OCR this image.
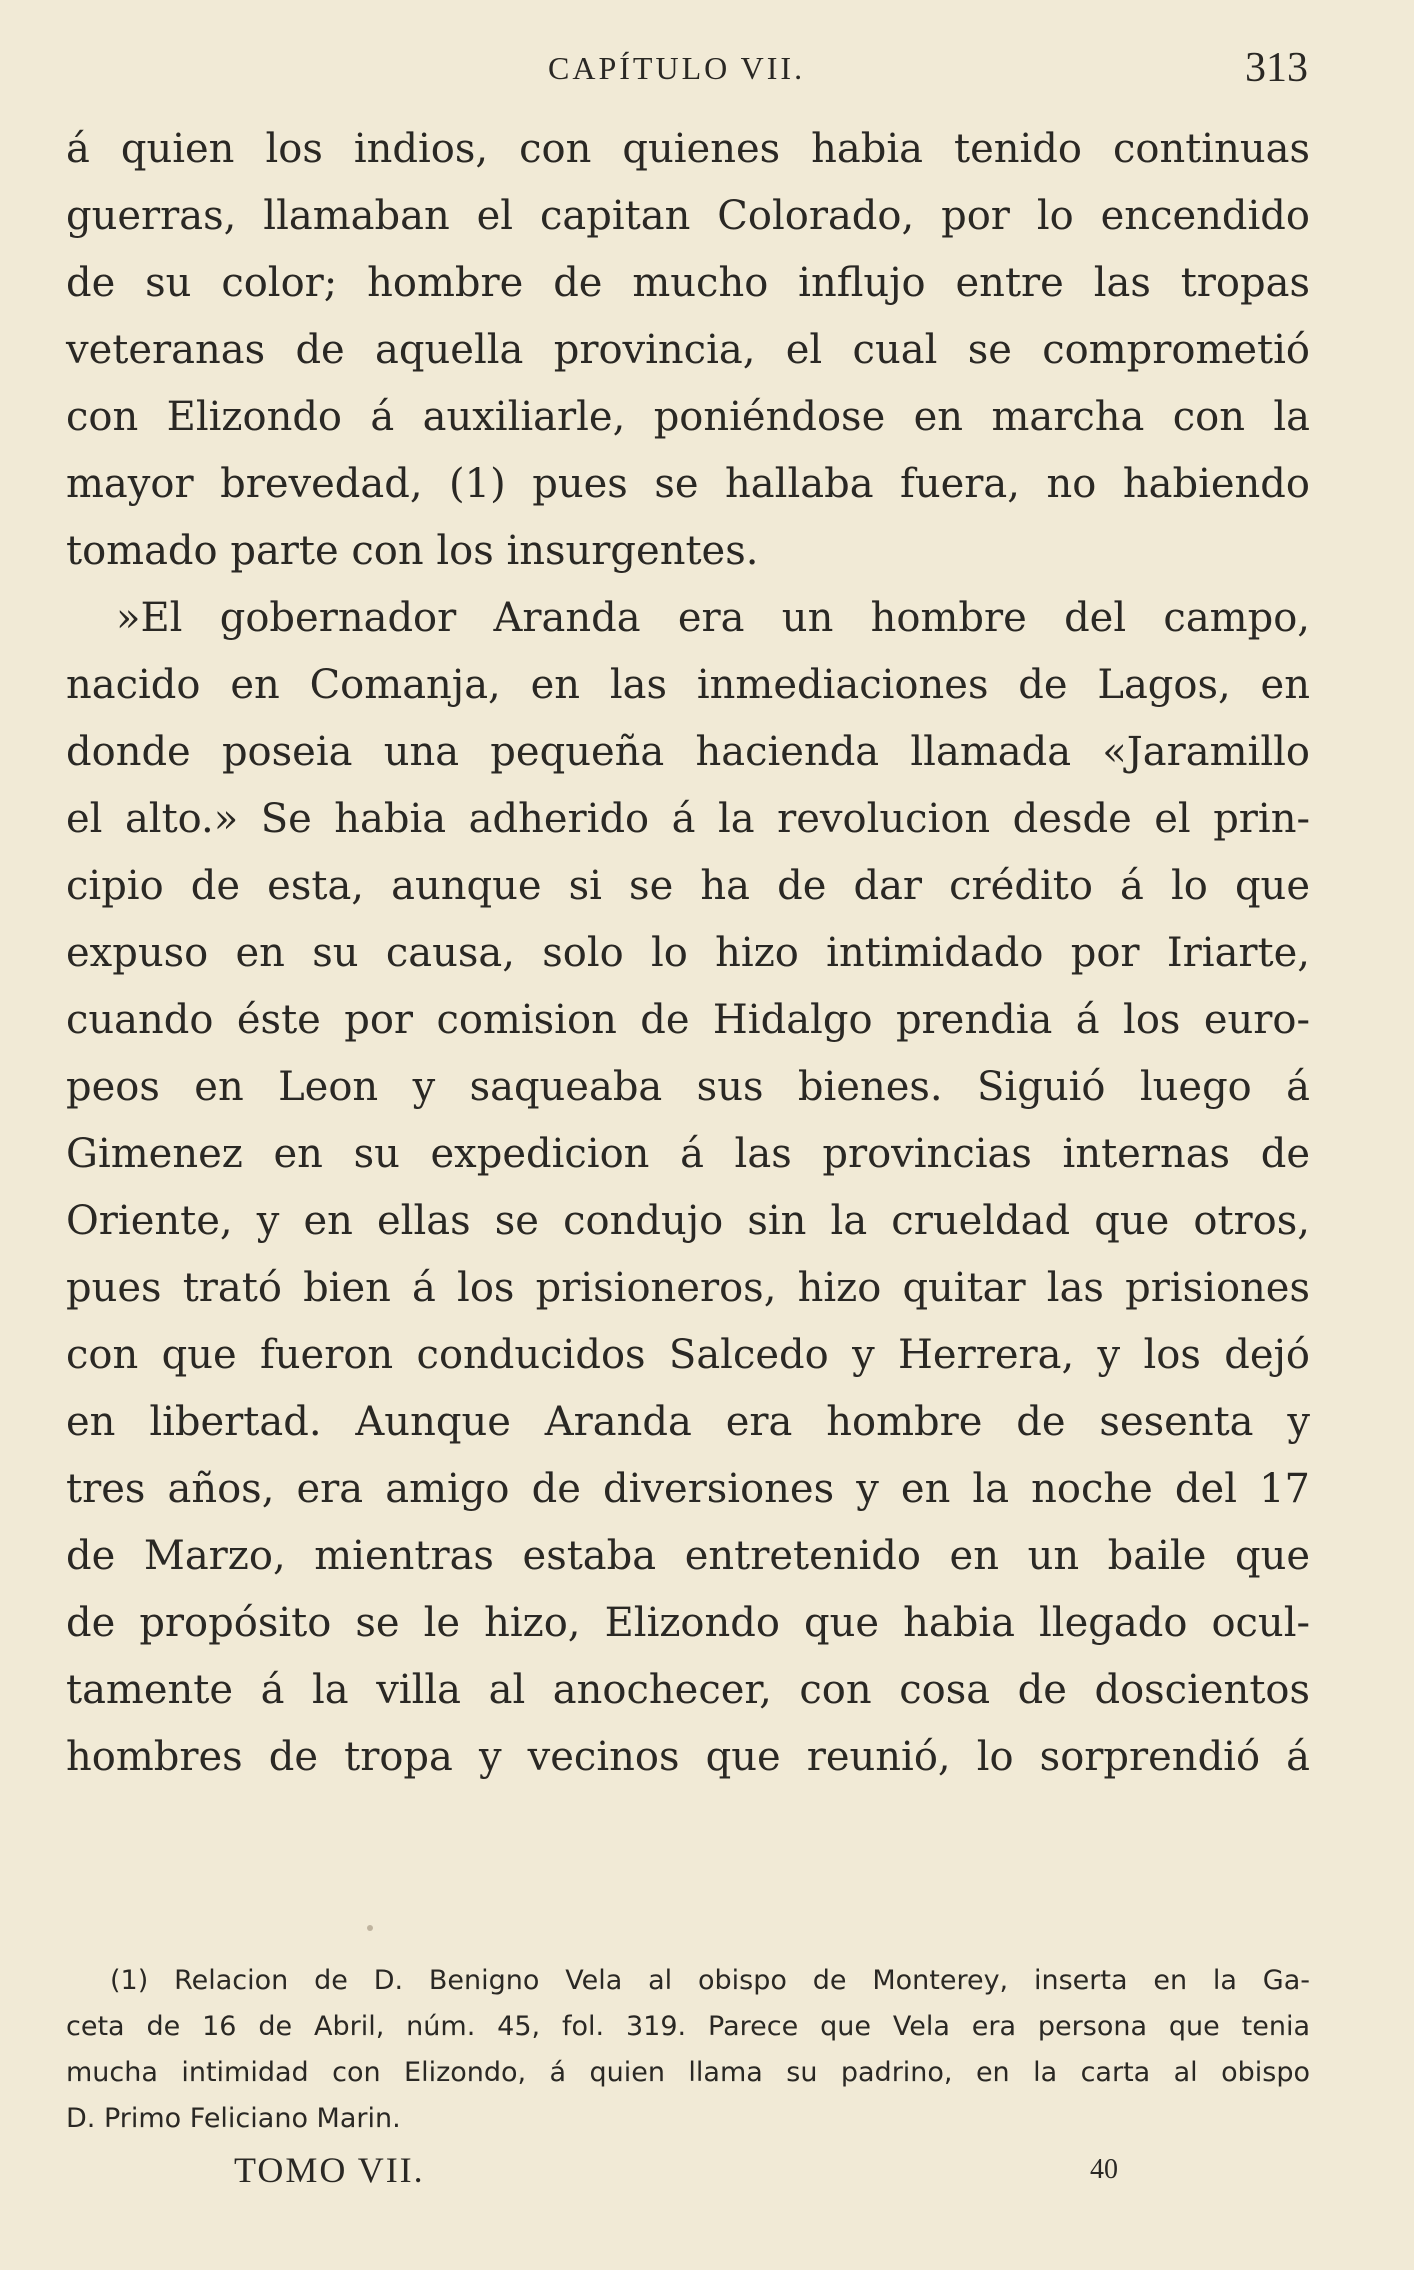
CAPÍTULO VII.	313
á quien los indios, con quienes habia tenido continuas
guerras, llamaban el capitan Colorado, por lo encendido
de su color; hombre de mucho influjo entre las tropas
veteranas de aquella provincia, el cual se comprometió
con Elizondo á auxiliarle, poniéndose en marcha con la
mayor brevedad, (1) pues se hallaba fuera, no habiendo
tomado parte con los insurgentes.
»El gobernador Aranda era un hombre del campo,
nacido en Comanja, en las inmediaciones de Lagos, en
donde poseia una pequeña hacienda llamada «Jaramillo
el alto.» Se habia adherido á la revolucion desde el prin-
cipio de esta, aunque si se ha de dar crédito á lo que
expuso en su causa, solo lo hizo intimidado por Iriarte,
cuando éste por comision de Hidalgo prendia á los euro-
peos en Leon y saqueaba sus bienes. Siguió luego á
Gimenez en su expedicion á las provincias internas de
Oriente, y en ellas se condujo sin la crueldad que otros,
pues trató bien á los prisioneros, hizo quitar las prisiones
con que fueron conducidos Salcedo y Herrera, y los dejó
en libertad. Aunque Aranda era hombre de sesenta y
tres años, era amigo de diversiones y en la noche del 17
de Marzo, mientras estaba entretenido en un baile que
de propósito se le hizo, Elizondo que habia llegado ocul-
tamente á la villa al anochecer, con cosa de doscientos
hombres de tropa y vecinos que reunió, lo sorprendió á
(1) Relacion de D. Benigno Vela al obispo de Monterey, inserta en la Ga-
ceta de 16 de Abril, núm. 45, fol. 319. Parece que Vela era persona que tenia
mucha intimidad con Elizondo, á quien llama su padrino, en la carta al obispo
D. Primo Feliciano Marin.
TOMO VII.	40
